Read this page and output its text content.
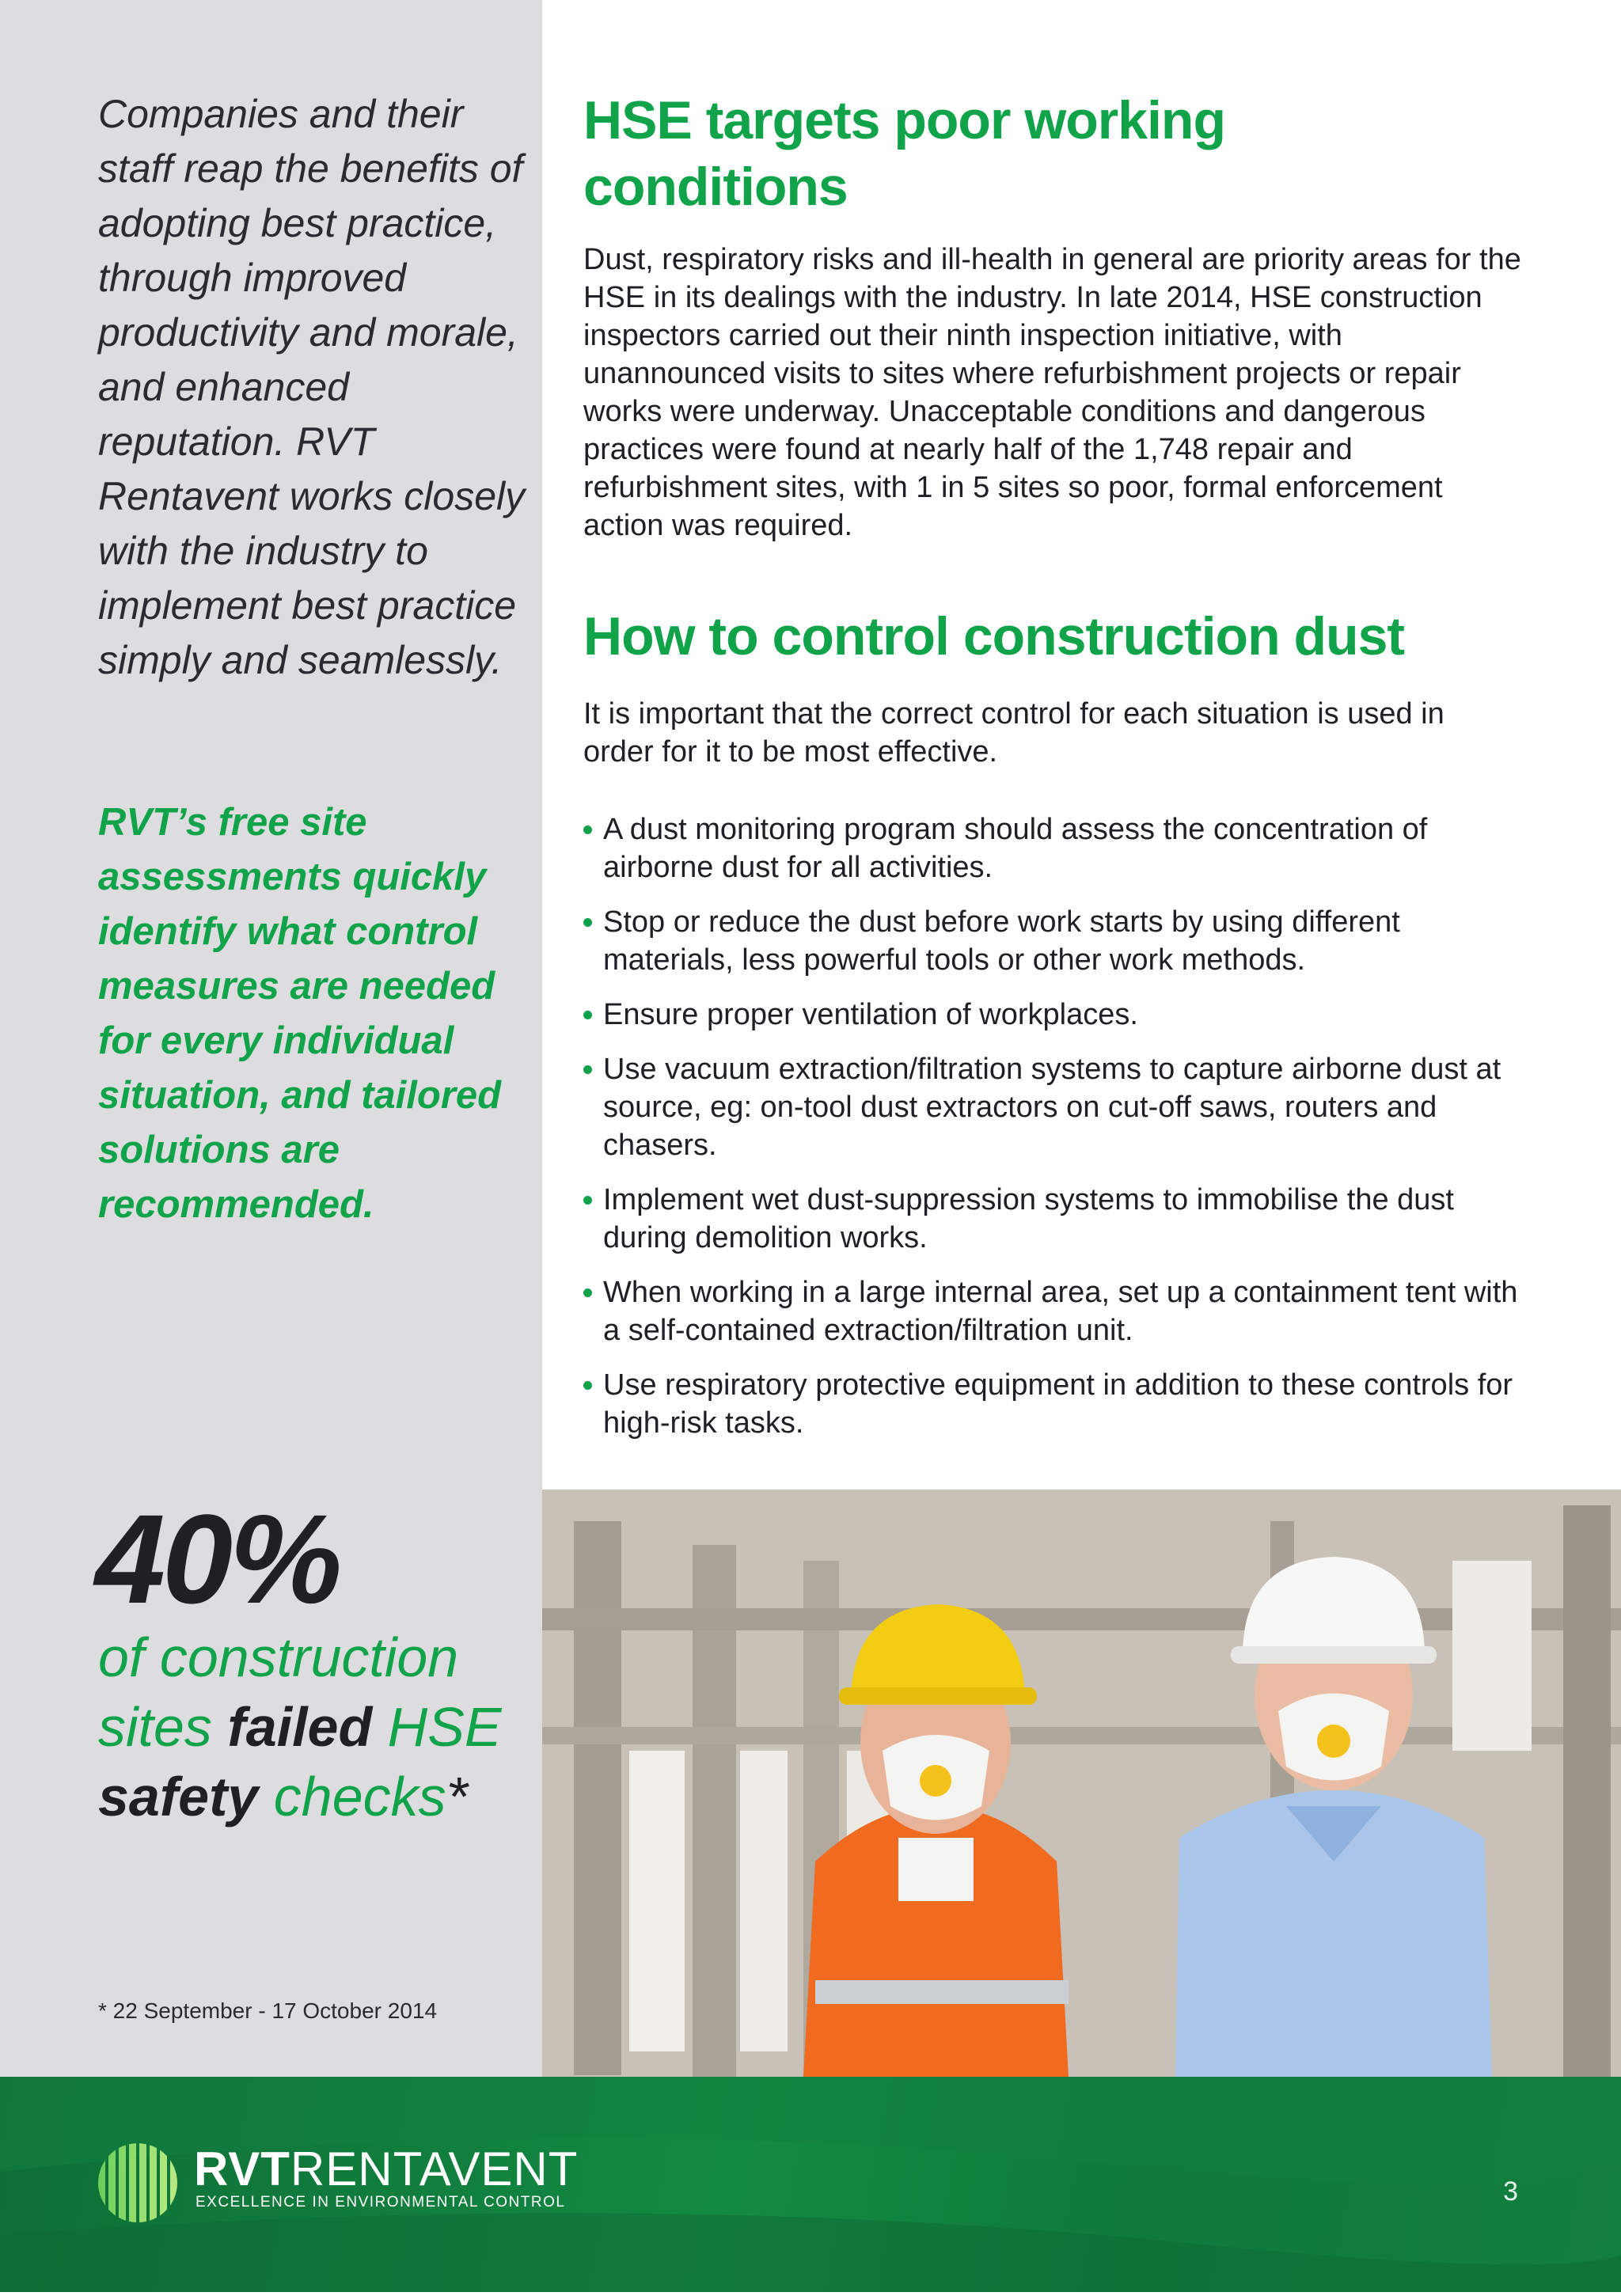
Companies and their staff reap the benefits of adopting best practice, through improved productivity and morale, and enhanced reputation. RVT Rentavent works closely with the industry to implement best practice simply and seamlessly.
RVT’s free site assessments quickly identify what control measures are needed for every individual situation, and tailored solutions are recommended.
40%
of construction sites failed HSE safety checks*
* 22 September - 17 October 2014
HSE targets poor working conditions

Dust, respiratory risks and ill-health in general are priority areas for the HSE in its dealings with the industry. In late 2014, HSE construction inspectors carried out their ninth inspection initiative, with unannounced visits to sites where refurbishment projects or repair works were underway. Unacceptable conditions and dangerous practices were found at nearly half of the 1,748 repair and refurbishment sites, with 1 in 5 sites so poor, formal enforcement action was required.

How to control construction dust

It is important that the correct control for each situation is used in order for it to be most effective.

A dust monitoring program should assess the concentration of airborne dust for all activities.
Stop or reduce the dust before work starts by using different materials, less powerful tools or other work methods.
Ensure proper ventilation of workplaces.
Use vacuum extraction/filtration systems to capture airborne dust at source, eg: on-tool dust extractors on cut-off saws, routers and chasers.
Implement wet dust-suppression systems to immobilise the dust during demolition works.
When working in a large internal area, set up a containment tent with a self-contained extraction/filtration unit.
Use respiratory protective equipment in addition to these controls for high-risk tasks.
RVTRENTAVENT
EXCELLENCE IN ENVIRONMENTAL CONTROL	3
